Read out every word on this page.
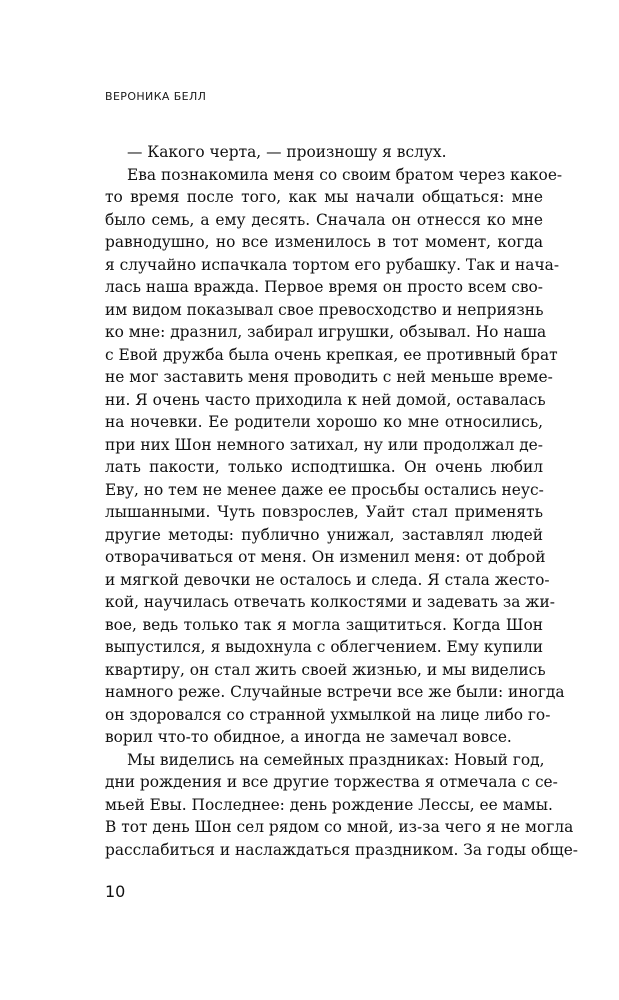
ВЕРОНИКА БЕЛЛ
— Какого черта, — произношу я вслух.
Ева познакомила меня со своим братом через какое-
то время после того, как мы начали общаться: мне
было семь, а ему десять. Сначала он отнесся ко мне
равнодушно, но все изменилось в тот момент, когда
я случайно испачкала тортом его рубашку. Так и нача-
лась наша вражда. Первое время он просто всем сво-
им видом показывал свое превосходство и неприязнь
ко мне: дразнил, забирал игрушки, обзывал. Но наша
с Евой дружба была очень крепкая, ее противный брат
не мог заставить меня проводить с ней меньше време-
ни. Я очень часто приходила к ней домой, оставалась
на ночевки. Ее родители хорошо ко мне относились,
при них Шон немного затихал, ну или продолжал де-
лать пакости, только исподтишка. Он очень любил
Еву, но тем не менее даже ее просьбы остались неус-
лышанными. Чуть повзрослев, Уайт стал применять
другие методы: публично унижал, заставлял людей
отворачиваться от меня. Он изменил меня: от доброй
и мягкой девочки не осталось и следа. Я стала жесто-
кой, научилась отвечать колкостями и задевать за жи-
вое, ведь только так я могла защититься. Когда Шон
выпустился, я выдохнула с облегчением. Ему купили
квартиру, он стал жить своей жизнью, и мы виделись
намного реже. Случайные встречи все же были: иногда
он здоровался со странной ухмылкой на лице либо го-
ворил что-то обидное, а иногда не замечал вовсе.
Мы виделись на семейных праздниках: Новый год,
дни рождения и все другие торжества я отмечала с се-
мьей Евы. Последнее: день рождение Лессы, ее мамы.
В тот день Шон сел рядом со мной, из-за чего я не могла
расслабиться и наслаждаться праздником. За годы обще-
10
